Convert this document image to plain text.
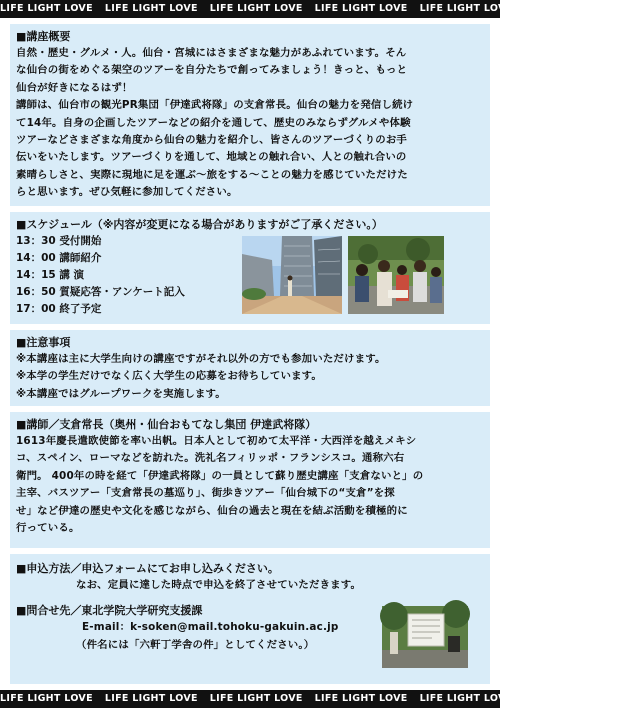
LIFE LIGHT LOVE LIFE LIGHT LOVE LIFE LIGHT LOVE LIFE LIGHT LOVE LIFE LIGHT LOVE LIFE LIGHT LOVE
■講座概要
自然・歴史・グルメ・人。仙台・宮城にはさまざまな魅力があふれています。そん
な仙台の街をめぐる架空のツアーを自分たちで創ってみましょう！きっと、もっと
仙台が好きになるはず！
講師は、仙台市の観光PR集団「伊達武将隊」の支倉常長。仙台の魅力を発信し続け
て14年。自身の企画したツアーなどの紹介を通して、歴史のみならずグルメや体験
ツアーなどさまざまな角度から仙台の魅力を紹介し、皆さんのツアーづくりのお手
伝いをいたします。ツアーづくりを通して、地域との触れ合い、人との触れ合いの
素晴らしさと、実際に現地に足を運ぶ～旅をする～ことの魅力を感じていただけた
らと思います。ぜひ気軽に参加してください。
■スケジュール（※内容が変更になる場合がありますがご了承ください。）
13：30 受付開始
14：00 講師紹介
14：15 講 演
16：50 質疑応答・アンケート記入
17：00 終了予定
■注意事項
※本講座は主に大学生向けの講座ですがそれ以外の方でも参加いただけます。
※本学の学生だけでなく広く大学生の応募をお待ちしています。
※本講座ではグループワークを実施します。
■講師／支倉常長（奥州・仙台おもてなし集団 伊達武将隊）
1613年慶長遣欧使節を率い出帆。日本人として初めて太平洋・大西洋を越えメキシ
コ、スペイン、ローマなどを訪れた。洗礼名フィリッポ・フランシスコ。通称六右
衛門。 400年の時を経て「伊達武将隊」の一員として蘇り歴史講座「支倉ないと」の
主宰、バスツアー「支倉常長の墓巡り」、街歩きツアー「仙台城下の“支倉”を探
せ」など伊達の歴史や文化を感じながら、仙台の過去と現在を結ぶ活動を積極的に
行っている。
■申込方法／申込フォームにてお申し込みください。
なお、定員に達した時点で申込を終了させていただきます。
■問合せ先／東北学院大学研究支援課
E-mail：k-soken@mail.tohoku-gakuin.ac.jp
（件名には「六軒丁学舎の件」としてください。）
LIFE LIGHT LOVE LIFE LIGHT LOVE LIFE LIGHT LOVE LIFE LIGHT LOVE LIFE LIGHT LOVE LIFE LIGHT LOVE
